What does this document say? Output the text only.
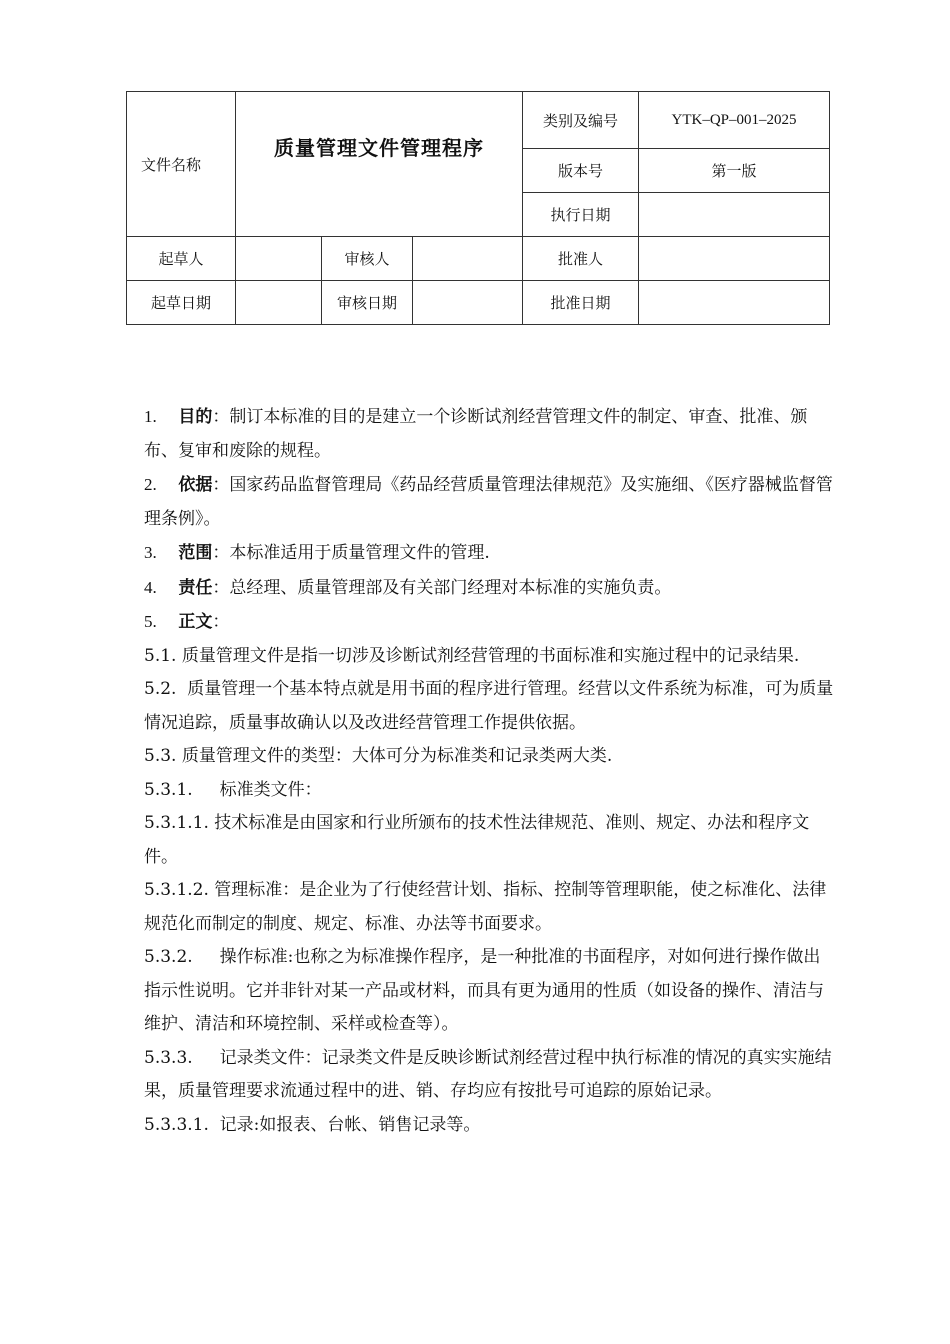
文件名称	质量管理文件管理程序			类别及编号	YTK–QP–001–2025
				版本号	第一版
				执行日期	
起草人		审核人		批准人	
起草日期		审核日期		批准日期	

1. 目的：制订本标准的目的是建立一个诊断试剂经营管理文件的制定、审查、批准、颁布、复审和废除的规程。

2. 依据：国家药品监督管理局《药品经营质量管理法律规范》及实施细、《医疗器械监督管理条例》。

3. 范围：本标准适用于质量管理文件的管理.

4. 责任：总经理、质量管理部及有关部门经理对本标准的实施负责。

5. 正文：

5.1. 质量管理文件是指一切涉及诊断试剂经营管理的书面标准和实施过程中的记录结果.

5.2.  质量管理一个基本特点就是用书面的程序进行管理。经营以文件系统为标准，可为质量情况追踪，质量事故确认以及改进经营管理工作提供依据。

5.3. 质量管理文件的类型：大体可分为标准类和记录类两大类.

5.3.1.     标准类文件：

5.3.1.1. 技术标准是由国家和行业所颁布的技术性法律规范、准则、规定、办法和程序文件。

5.3.1.2. 管理标准：是企业为了行使经营计划、指标、控制等管理职能，使之标准化、法律规范化而制定的制度、规定、标准、办法等书面要求。

5.3.2.     操作标准:也称之为标准操作程序，是一种批准的书面程序，对如何进行操作做出指示性说明。它并非针对某一产品或材料，而具有更为通用的性质（如设备的操作、清洁与维护、清洁和环境控制、采样或检查等）。

5.3.3.     记录类文件：记录类文件是反映诊断试剂经营过程中执行标准的情况的真实实施结果，质量管理要求流通过程中的进、销、存均应有按批号可追踪的原始记录。

5.3.3.1.  记录:如报表、台帐、销售记录等。
